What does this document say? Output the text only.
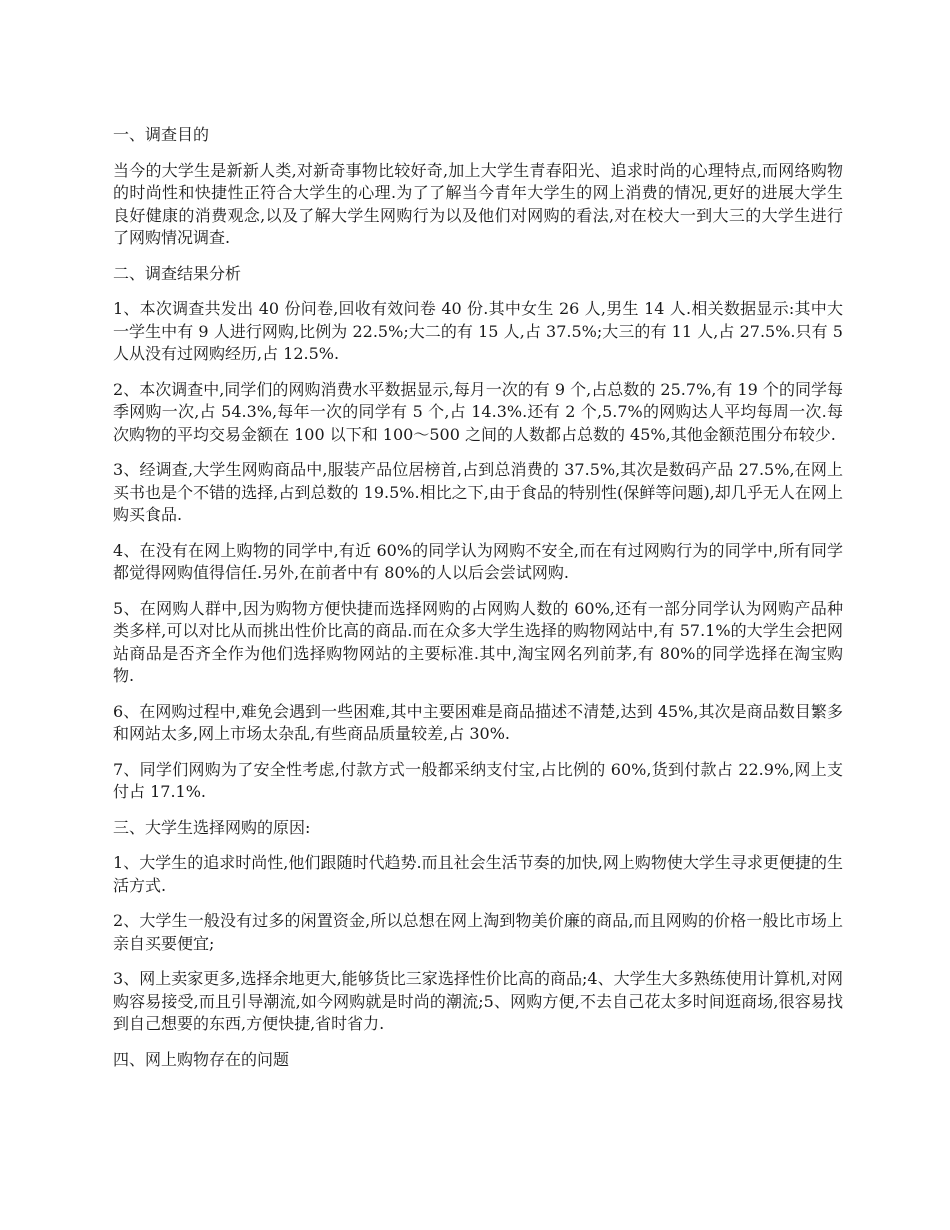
一、调查目的

当今的大学生是新新人类,对新奇事物比较好奇,加上大学生青春阳光、追求时尚的心理特点,而网络购物的时尚性和快捷性正符合大学生的心理.为了了解当今青年大学生的网上消费的情况,更好的进展大学生良好健康的消费观念,以及了解大学生网购行为以及他们对网购的看法,对在校大一到大三的大学生进行了网购情况调查.

二、调查结果分析

1、本次调查共发出 40 份问卷,回收有效问卷 40 份.其中女生 26 人,男生 14 人.相关数据显示:其中大一学生中有 9 人进行网购,比例为 22.5%;大二的有 15 人,占 37.5%;大三的有 11 人,占 27.5%.只有 5 人从没有过网购经历,占 12.5%.

2、本次调查中,同学们的网购消费水平数据显示,每月一次的有 9 个,占总数的 25.7%,有 19 个的同学每季网购一次,占 54.3%,每年一次的同学有 5 个,占 14.3%.还有 2 个,5.7%的网购达人平均每周一次.每次购物的平均交易金额在 100 以下和 100～500 之间的人数都占总数的 45%,其他金额范围分布较少.

3、经调查,大学生网购商品中,服装产品位居榜首,占到总消费的 37.5%,其次是数码产品 27.5%,在网上买书也是个不错的选择,占到总数的 19.5%.相比之下,由于食品的特别性(保鲜等问题),却几乎无人在网上购买食品.

4、在没有在网上购物的同学中,有近 60%的同学认为网购不安全,而在有过网购行为的同学中,所有同学都觉得网购值得信任.另外,在前者中有 80%的人以后会尝试网购.

5、在网购人群中,因为购物方便快捷而选择网购的占网购人数的 60%,还有一部分同学认为网购产品种类多样,可以对比从而挑出性价比高的商品.而在众多大学生选择的购物网站中,有 57.1%的大学生会把网站商品是否齐全作为他们选择购物网站的主要标准.其中,淘宝网名列前茅,有 80%的同学选择在淘宝购物.

6、在网购过程中,难免会遇到一些困难,其中主要困难是商品描述不清楚,达到 45%,其次是商品数目繁多和网站太多,网上市场太杂乱,有些商品质量较差,占 30%.

7、同学们网购为了安全性考虑,付款方式一般都采纳支付宝,占比例的 60%,货到付款占 22.9%,网上支付占 17.1%.

三、大学生选择网购的原因:

1、大学生的追求时尚性,他们跟随时代趋势.而且社会生活节奏的加快,网上购物使大学生寻求更便捷的生活方式.

2、大学生一般没有过多的闲置资金,所以总想在网上淘到物美价廉的商品,而且网购的价格一般比市场上亲自买要便宜;

3、网上卖家更多,选择余地更大,能够货比三家选择性价比高的商品;4、大学生大多熟练使用计算机,对网购容易接受,而且引导潮流,如今网购就是时尚的潮流;5、网购方便,不去自己花太多时间逛商场,很容易找到自己想要的东西,方便快捷,省时省力.

四、网上购物存在的问题
